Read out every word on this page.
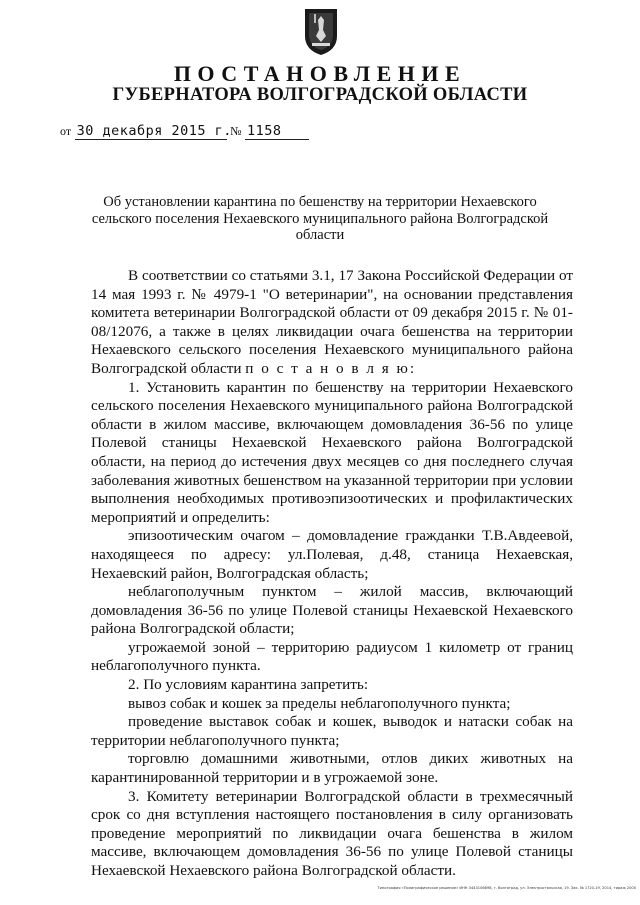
ПОСТАНОВЛЕНИЕ
ГУБЕРНАТОРА ВОЛГОГРАДСКОЙ ОБЛАСТИ
от 30 декабря 2015 г. № 1158
Об установлении карантина по бешенству на территории Нехаевского сельского поселения Нехаевского муниципального района Волгоградской области

В соответствии со статьями 3.1, 17 Закона Российской Федерации от 14 мая 1993 г. № 4979-1 "О ветеринарии", на основании представления комитета ветеринарии Волгоградской области от 09 декабря 2015 г. № 01-08/12076, а также в целях ликвидации очага бешенства на территории Нехаевского сельского поселения Нехаевского муниципального района Волгоградской области п о с т а н о в л я ю:

1. Установить карантин по бешенству на территории Нехаевского сельского поселения Нехаевского муниципального района Волгоградской области в жилом массиве, включающем домовладения 36-56 по улице Полевой станицы Нехаевской Нехаевского района Волгоградской области, на период до истечения двух месяцев со дня последнего случая заболевания животных бешенством на указанной территории при условии выполнения необходимых противоэпизоотических и профилактических мероприятий и определить:

эпизоотическим очагом – домовладение гражданки Т.В.Авдеевой, находящееся по адресу: ул.Полевая, д.48, станица Нехаевская, Нехаевский район, Волгоградская область;

неблагополучным пунктом – жилой массив, включающий домовладения 36-56 по улице Полевой станицы Нехаевской Нехаевского района Волгоградской области;

угрожаемой зоной – территорию радиусом 1 километр от границ неблагополучного пункта.

2. По условиям карантина запретить:

вывоз собак и кошек за пределы неблагополучного пункта;

проведение выставок собак и кошек, выводок и натаски собак на территории неблагополучного пункта;

торговлю домашними животными, отлов диких животных на карантинированной территории и в угрожаемой зоне.

3. Комитету ветеринарии Волгоградской области в трехмесячный срок со дня вступления настоящего постановления в силу организовать проведение мероприятий по ликвидации очага бешенства в жилом массиве, включающем домовладения 36-56 по улице Полевой станицы Нехаевской Нехаевского района Волгоградской области.

Типография «Полиграфическое решение» ИНН 3443106898, г. Волгоград, ул. Электростальская, 19. Зак. № 1720-19, 2014, тираж 2000
